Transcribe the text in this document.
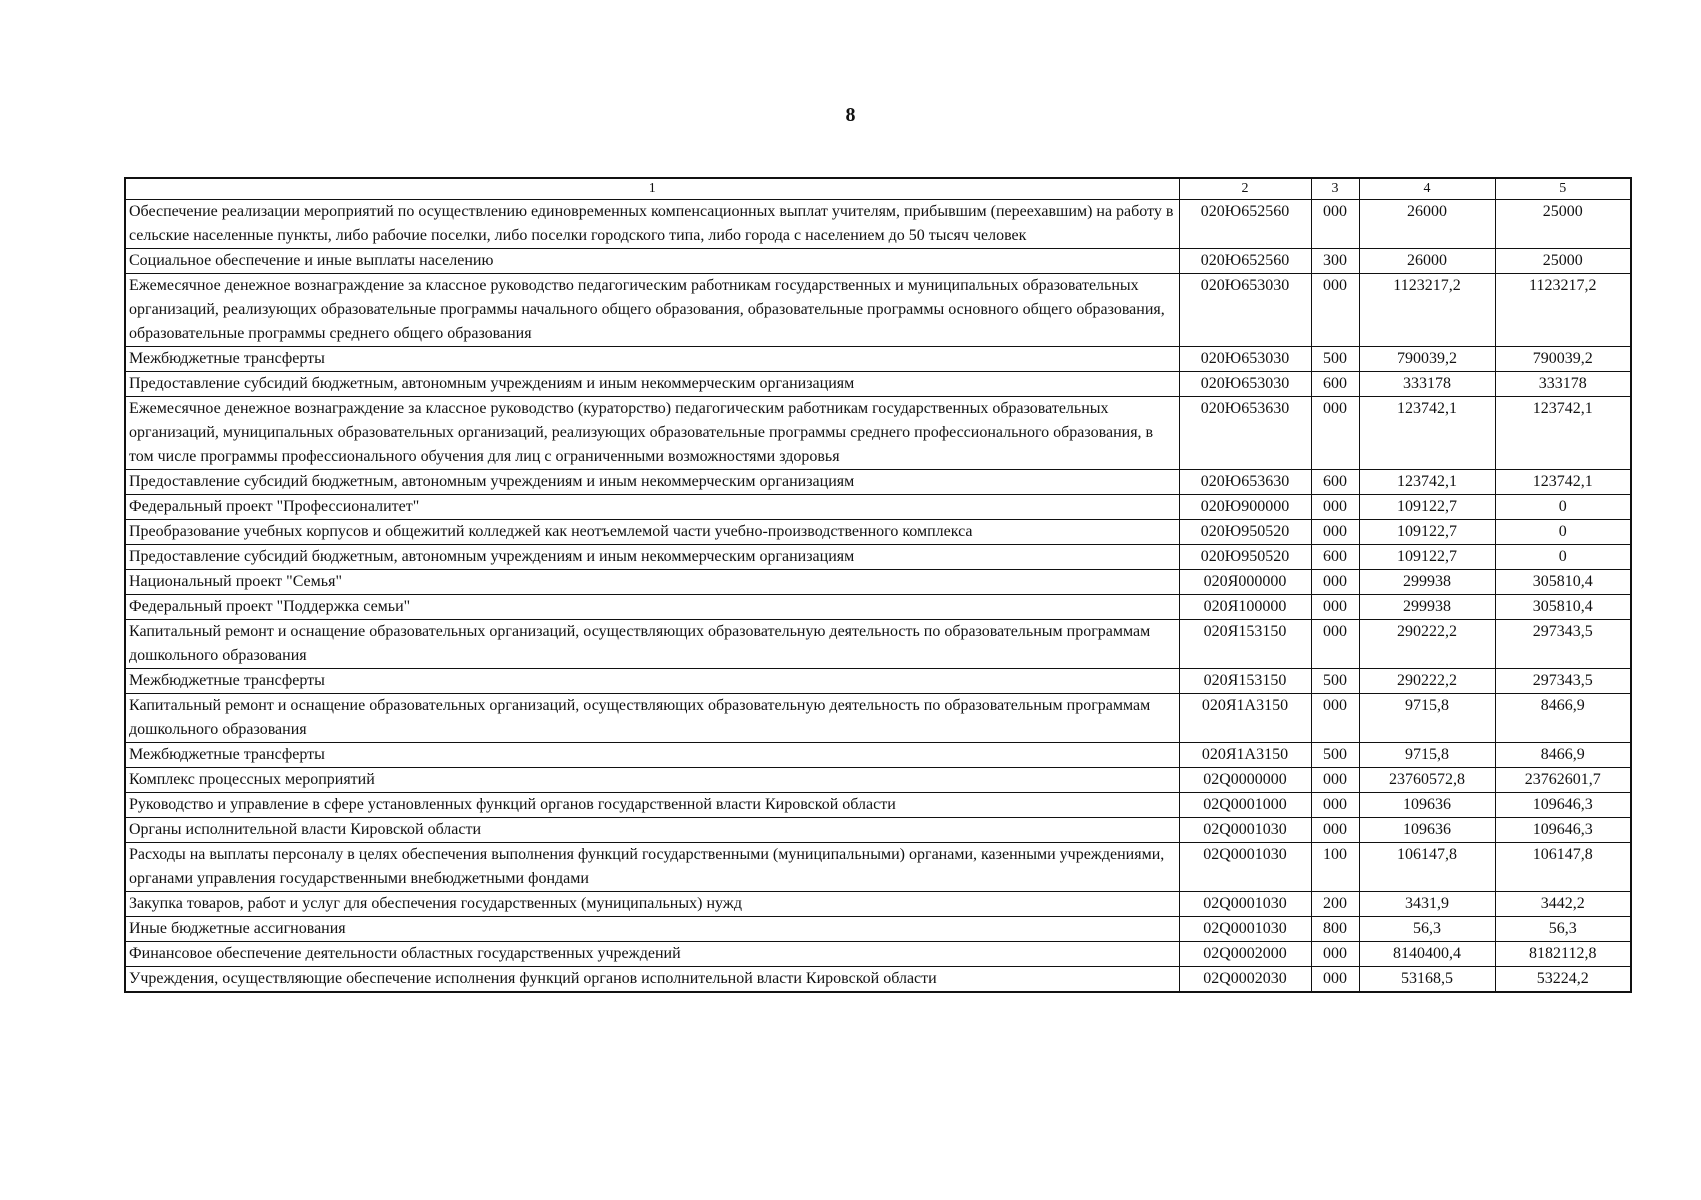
8
1	2	3	4	5
Обеспечение реализации мероприятий по осуществлению единовременных компенсационных выплат учителям, прибывшим (переехавшим) на работу в сельские населенные пункты, либо рабочие поселки, либо поселки городского типа, либо города с населением до 50 тысяч человек	020Ю652560	000	26000	25000
Социальное обеспечение и иные выплаты населению	020Ю652560	300	26000	25000
Ежемесячное денежное вознаграждение за классное руководство педагогическим работникам государственных и муниципальных образовательных организаций, реализующих образовательные программы начального общего образования, образовательные программы основного общего образования, образовательные программы среднего общего образования	020Ю653030	000	1123217,2	1123217,2
Межбюджетные трансферты	020Ю653030	500	790039,2	790039,2
Предоставление субсидий бюджетным, автономным учреждениям и иным некоммерческим организациям	020Ю653030	600	333178	333178
Ежемесячное денежное вознаграждение за классное руководство (кураторство) педагогическим работникам государственных образовательных организаций, муниципальных образовательных организаций, реализующих образовательные программы среднего профессионального образования, в том числе программы профессионального обучения для лиц с ограниченными возможностями здоровья	020Ю653630	000	123742,1	123742,1
Предоставление субсидий бюджетным, автономным учреждениям и иным некоммерческим организациям	020Ю653630	600	123742,1	123742,1
Федеральный проект "Профессионалитет"	020Ю900000	000	109122,7	0
Преобразование учебных корпусов и общежитий колледжей как неотъемлемой части учебно-производственного комплекса	020Ю950520	000	109122,7	0
Предоставление субсидий бюджетным, автономным учреждениям и иным некоммерческим организациям	020Ю950520	600	109122,7	0
Национальный проект "Семья"	020Я000000	000	299938	305810,4
Федеральный проект "Поддержка семьи"	020Я100000	000	299938	305810,4
Капитальный ремонт и оснащение образовательных организаций, осуществляющих образовательную деятельность по образовательным программам дошкольного образования	020Я153150	000	290222,2	297343,5
Межбюджетные трансферты	020Я153150	500	290222,2	297343,5
Капитальный ремонт и оснащение образовательных организаций, осуществляющих образовательную деятельность по образовательным программам дошкольного образования	020Я1А3150	000	9715,8	8466,9
Межбюджетные трансферты	020Я1А3150	500	9715,8	8466,9
Комплекс процессных мероприятий	02Q0000000	000	23760572,8	23762601,7
Руководство и управление в сфере установленных функций органов государственной власти Кировской области	02Q0001000	000	109636	109646,3
Органы исполнительной власти Кировской области	02Q0001030	000	109636	109646,3
Расходы на выплаты персоналу в целях обеспечения выполнения функций государственными (муниципальными) органами, казенными учреждениями, органами управления государственными внебюджетными фондами	02Q0001030	100	106147,8	106147,8
Закупка товаров, работ и услуг для обеспечения государственных (муниципальных) нужд	02Q0001030	200	3431,9	3442,2
Иные бюджетные ассигнования	02Q0001030	800	56,3	56,3
Финансовое обеспечение деятельности областных государственных учреждений	02Q0002000	000	8140400,4	8182112,8
Учреждения, осуществляющие обеспечение исполнения функций органов исполнительной власти Кировской области	02Q0002030	000	53168,5	53224,2
